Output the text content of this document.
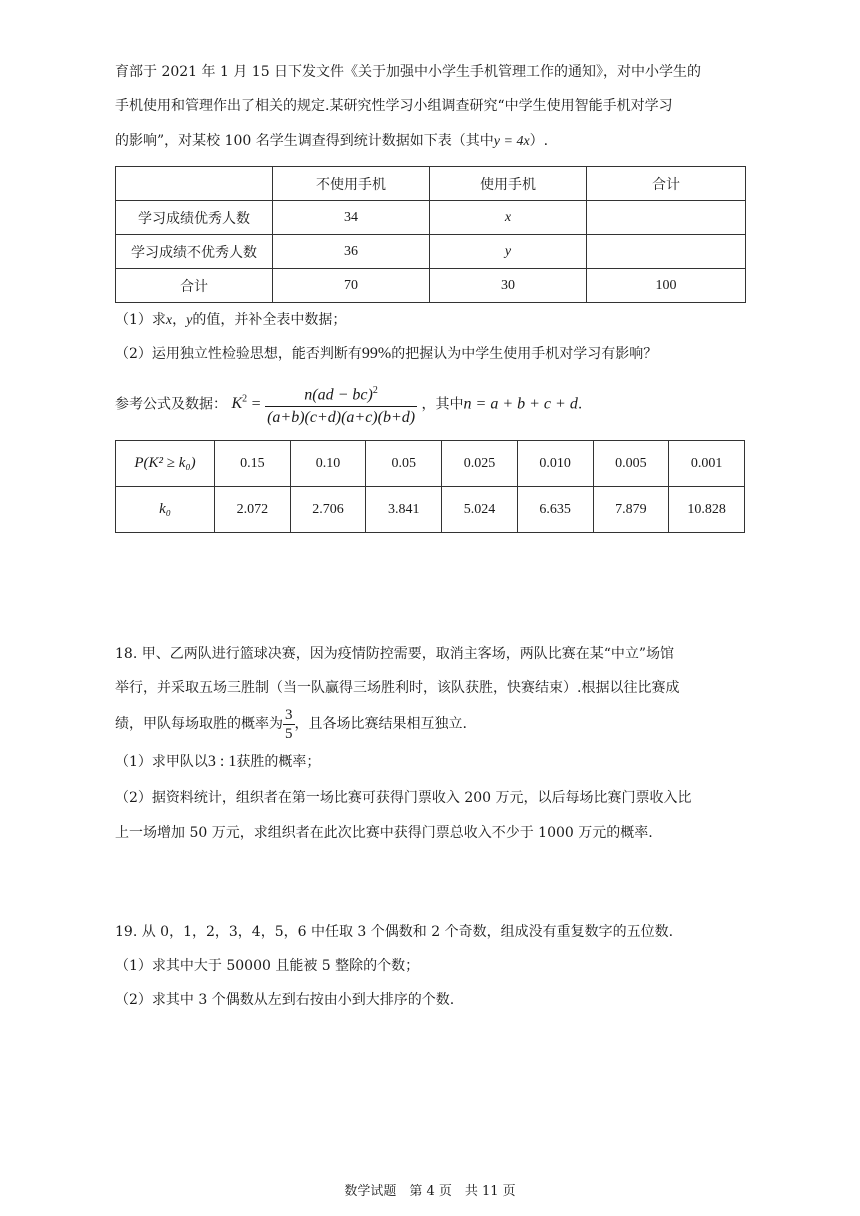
育部于 2021 年 1 月 15 日下发文件《关于加强中小学生手机管理工作的通知》，对中小学生的

手机使用和管理作出了相关的规定.某研究性学习小组调查研究“中学生使用智能手机对学习

的影响”，对某校 100 名学生调查得到统计数据如下表（其中y = 4x）.

	不使用手机	使用手机	合计
学习成绩优秀人数	34	x	
学习成绩不优秀人数	36	y	
合计	70	30	100

（1）求x，y的值，并补全表中数据；

（2）运用独立性检验思想，能否判断有99%的把握认为中学生使用手机对学习有影响？

参考公式及数据： $K^2 = \frac{n(ad - bc)^2}{(a+b)(c+d)(a+c)(b+d)}$ ，其中n = a + b + c + d.
P(K² ≥ k₀)	0.15	0.10	0.05	0.025	0.010	0.005	0.001
k₀	2.072	2.706	3.841	5.024	6.635	7.879	10.828

18. 甲、乙两队进行篮球决赛，因为疫情防控需要，取消主客场，两队比赛在某“中立”场馆

举行，并采取五场三胜制（当一队赢得三场胜利时，该队获胜，快赛结束）.根据以往比赛成

绩，甲队每场取胜的概率为 $\frac{3}{5}$ ，且各场比赛结果相互独立.

（1）求甲队以3 : 1获胜的概率；

（2）据资料统计，组织者在第一场比赛可获得门票收入 200 万元，以后每场比赛门票收入比

上一场增加 50 万元，求组织者在此次比赛中获得门票总收入不少于 1000 万元的概率.

19. 从 0，1，2，3，4，5，6 中任取 3 个偶数和 2 个奇数，组成没有重复数字的五位数.

（1）求其中大于 50000 且能被 5 整除的个数；

（2）求其中 3 个偶数从左到右按由小到大排序的个数.

数学试题　第 4 页　共 11 页
